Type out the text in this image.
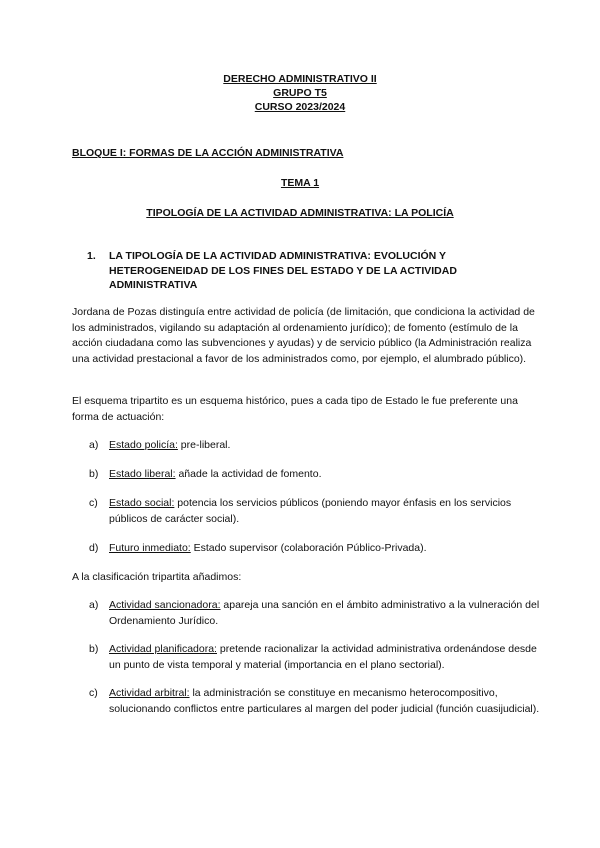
DERECHO ADMINISTRATIVO II
GRUPO T5
CURSO 2023/2024
BLOQUE I: FORMAS DE LA ACCIÓN ADMINISTRATIVA
TEMA 1
TIPOLOGÍA DE LA ACTIVIDAD ADMINISTRATIVA: LA POLICÍA
1. LA TIPOLOGÍA DE LA ACTIVIDAD ADMINISTRATIVA: EVOLUCIÓN Y HETEROGENEIDAD DE LOS FINES DEL ESTADO Y DE LA ACTIVIDAD ADMINISTRATIVA
Jordana de Pozas distinguía entre actividad de policía (de limitación, que condiciona la actividad de los administrados, vigilando su adaptación al ordenamiento jurídico); de fomento (estímulo de la acción ciudadana como las subvenciones y ayudas) y de servicio público (la Administración realiza una actividad prestacional a favor de los administrados como, por ejemplo, el alumbrado público).
El esquema tripartito es un esquema histórico, pues a cada tipo de Estado le fue preferente una forma de actuación:
a) Estado policía: pre-liberal.
b) Estado liberal: añade la actividad de fomento.
c) Estado social: potencia los servicios públicos (poniendo mayor énfasis en los servicios públicos de carácter social).
d) Futuro inmediato: Estado supervisor (colaboración Público-Privada).
A la clasificación tripartita añadimos:
a) Actividad sancionadora: apareja una sanción en el ámbito administrativo a la vulneración del Ordenamiento Jurídico.
b) Actividad planificadora: pretende racionalizar la actividad administrativa ordenándose desde un punto de vista temporal y material (importancia en el plano sectorial).
c) Actividad arbitral: la administración se constituye en mecanismo heterocompositivo, solucionando conflictos entre particulares al margen del poder judicial (función cuasijudicial).
